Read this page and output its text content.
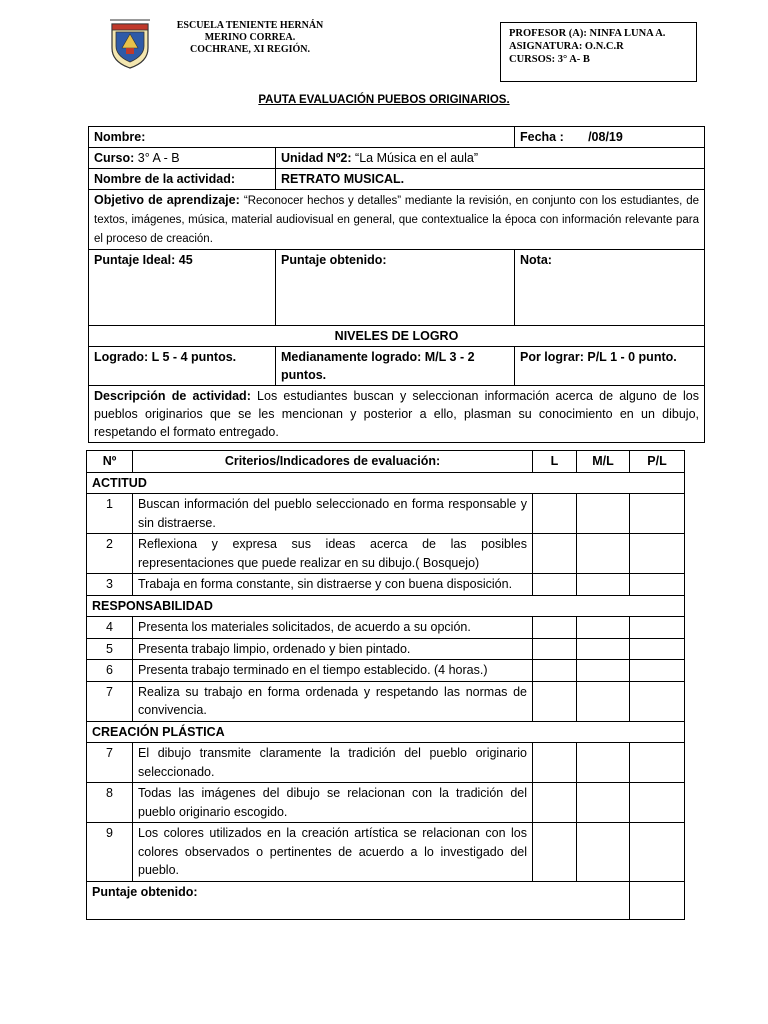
ESCUELA TENIENTE HERNÁN
MERINO CORREA.
COCHRANE, XI REGIÓN.
PROFESOR (A): NINFA LUNA A.
ASIGNATURA: O.N.C.R
CURSOS: 3° A- B
PAUTA EVALUACIÓN PUEBOS ORIGINARIOS.
Nombre:		Fecha : /08/19
Curso: 3° A - B	Unidad Nº2: “La Música en el aula”	
Nombre de la actividad:	RETRATO MUSICAL.	
Objetivo de aprendizaje: “Reconocer hechos y detalles” mediante la revisión, en conjunto con los estudiantes, de textos, imágenes, música, material audiovisual en general, que contextualice la época con información relevante para el proceso de creación.		
Puntaje Ideal: 45	Puntaje obtenido:	Nota:
NIVELES DE LOGRO		
Logrado: L 5 - 4 puntos.	Medianamente logrado: M/L 3 - 2 puntos.	Por lograr: P/L 1 - 0 punto.
Descripción de actividad: Los estudiantes buscan y seleccionan información acerca de alguno de los pueblos originarios que se les mencionan y posterior a ello, plasman su conocimiento en un dibujo, respetando el formato entregado.		
Nº	Criterios/Indicadores de evaluación:	L	M/L	P/L
ACTITUD				
1	Buscan información del pueblo seleccionado en forma responsable y sin distraerse.			
2	Reflexiona y expresa sus ideas acerca de las posibles representaciones que puede realizar en su dibujo.( Bosquejo)			
3	Trabaja en forma constante, sin distraerse y con buena disposición.			
RESPONSABILIDAD				
4	Presenta los materiales solicitados, de acuerdo a su opción.			
5	Presenta trabajo limpio, ordenado y bien pintado.			
6	Presenta trabajo terminado en el tiempo establecido. (4 horas.)			
7	Realiza su trabajo en forma ordenada y respetando las normas de convivencia.			
CREACIÓN PLÁSTICA				
7	El dibujo transmite claramente la tradición del pueblo originario seleccionado.			
8	Todas las imágenes del dibujo se relacionan con la tradición del pueblo originario escogido.			
9	Los colores utilizados en la creación artística se relacionan con los colores observados o pertinentes de acuerdo a lo investigado del pueblo.			
Puntaje obtenido:				
